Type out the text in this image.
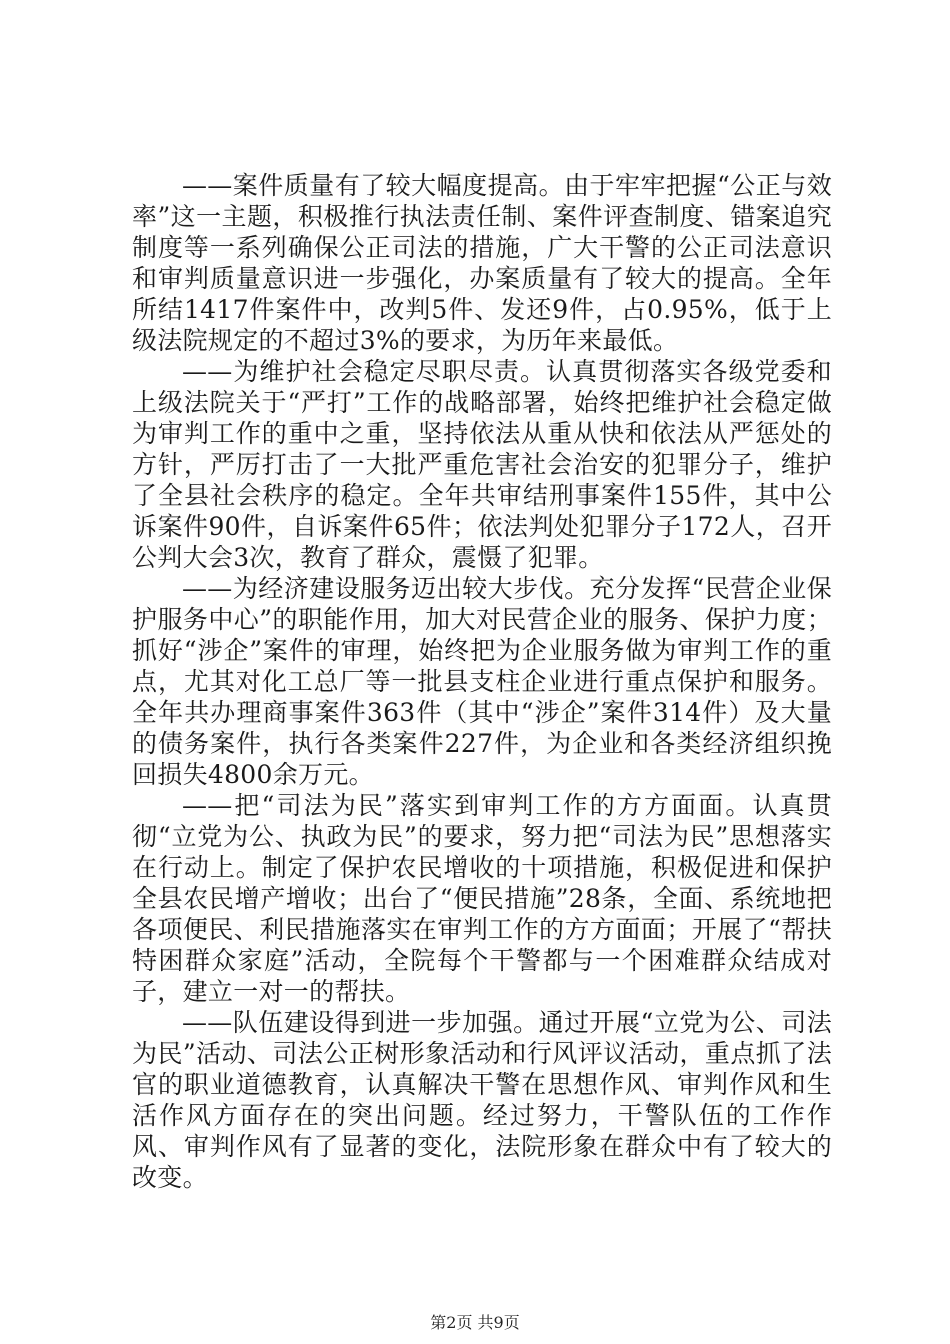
——案件质量有了较大幅度提高。由于牢牢把握“公正与效率”这一主题，积极推行执法责任制、案件评查制度、错案追究制度等一系列确保公正司法的措施，广大干警的公正司法意识和审判质量意识进一步强化，办案质量有了较大的提高。全年所结1417件案件中，改判5件、发还9件，占0.95%，低于上级法院规定的不超过3%的要求，为历年来最低。

——为维护社会稳定尽职尽责。认真贯彻落实各级党委和上级法院关于“严打”工作的战略部署，始终把维护社会稳定做为审判工作的重中之重，坚持依法从重从快和依法从严惩处的方针，严厉打击了一大批严重危害社会治安的犯罪分子，维护了全县社会秩序的稳定。全年共审结刑事案件155件，其中公诉案件90件，自诉案件65件；依法判处犯罪分子172人，召开公判大会3次，教育了群众，震慑了犯罪。

——为经济建设服务迈出较大步伐。充分发挥“民营企业保护服务中心”的职能作用，加大对民营企业的服务、保护力度；抓好“涉企”案件的审理，始终把为企业服务做为审判工作的重点，尤其对化工总厂等一批县支柱企业进行重点保护和服务。全年共办理商事案件363件（其中“涉企”案件314件）及大量的债务案件，执行各类案件227件，为企业和各类经济组织挽回损失4800余万元。

——把“司法为民”落实到审判工作的方方面面。认真贯彻“立党为公、执政为民”的要求，努力把“司法为民”思想落实在行动上。制定了保护农民增收的十项措施，积极促进和保护全县农民增产增收；出台了“便民措施”28条，全面、系统地把各项便民、利民措施落实在审判工作的方方面面；开展了“帮扶特困群众家庭”活动，全院每个干警都与一个困难群众结成对子，建立一对一的帮扶。

——队伍建设得到进一步加强。通过开展“立党为公、司法为民”活动、司法公正树形象活动和行风评议活动，重点抓了法官的职业道德教育，认真解决干警在思想作风、审判作风和生活作风方面存在的突出问题。经过努力，干警队伍的工作作风、审判作风有了显著的变化，法院形象在群众中有了较大的改变。

第2页 共9页
